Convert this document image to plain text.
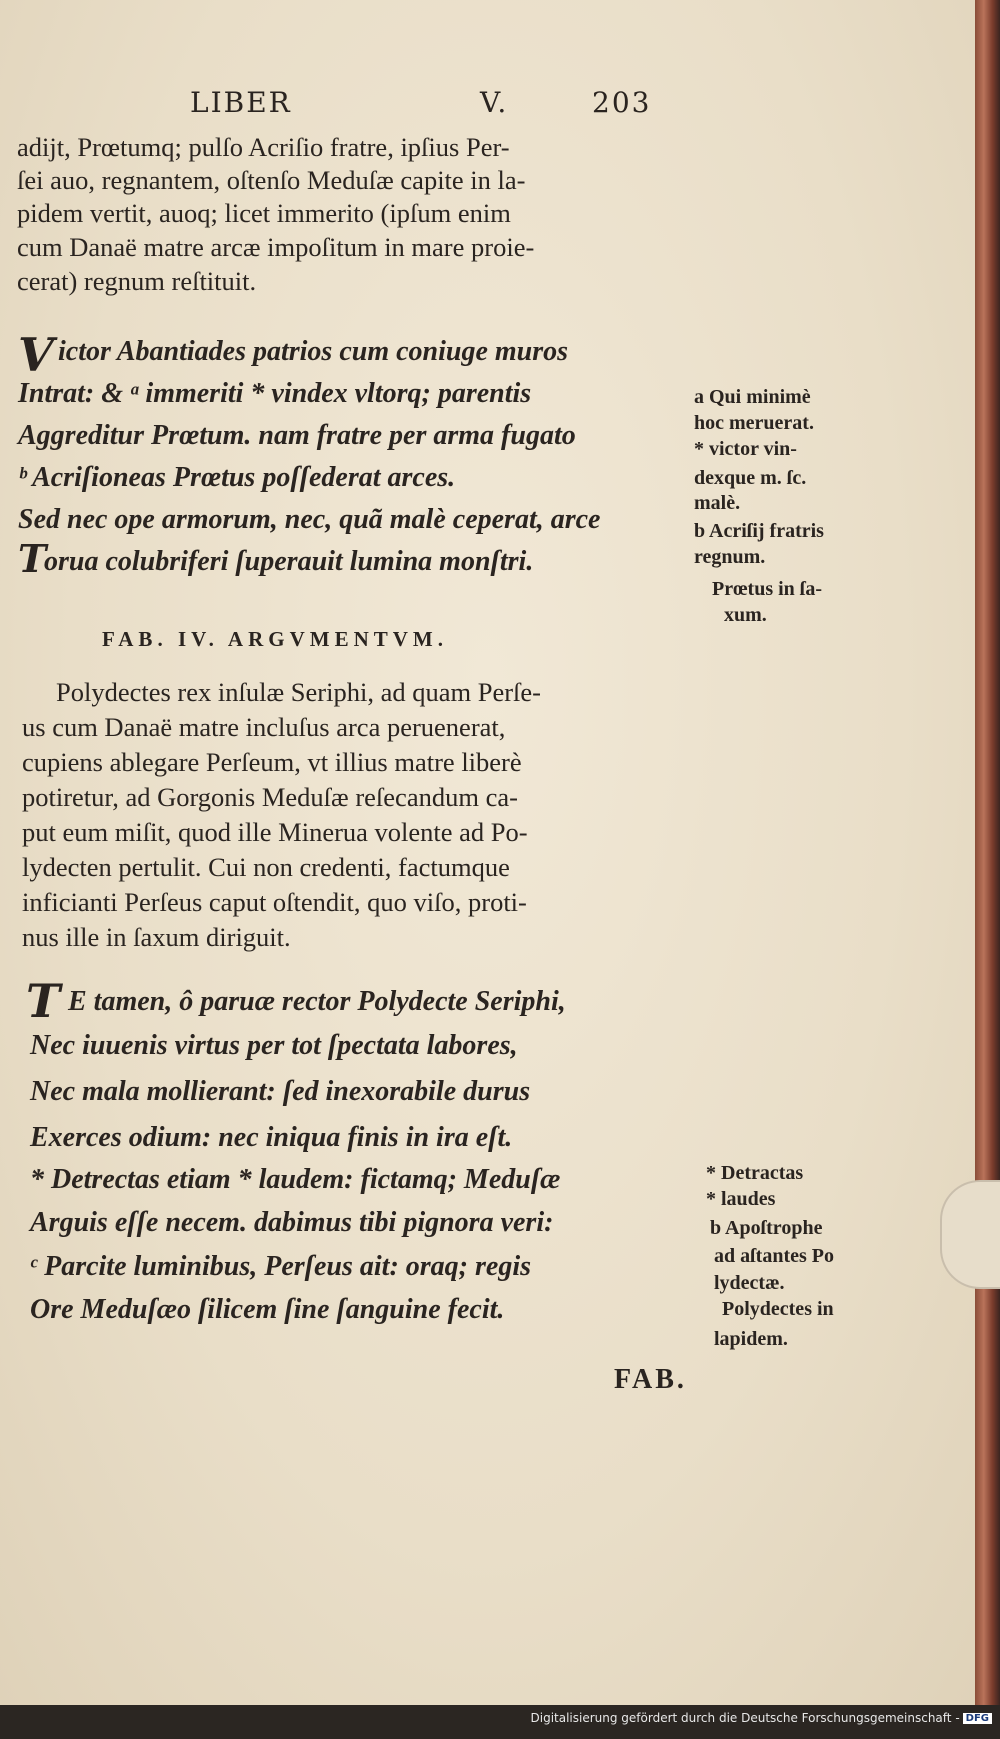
LIBER	V.	203
adijt, Prœtumq; pulſo Acriſio fratre, ipſius Per-
ſei auo, regnantem, oſtenſo Meduſæ capite in la-
pidem vertit, auoq; licet immerito (ipſum enim
cum Danaë matre arcæ impoſitum in mare proie-
cerat) regnum reſtituit.
V ictor Abantiades patrios cum coniuge muros
Intrat: & ᵃ immeriti * vindex vltorq; parentis
Aggreditur Prœtum. nam fratre per arma fugato
ᵇ Acriſioneas Prœtus poſſederat arces.
Sed nec ope armorum, nec, quã malè ceperat, arce
T
orua colubriferi ſuperauit lumina monſtri.
a Qui minimè
hoc meruerat.
* victor vin-
dexque m. ſc.
malè.
b Acriſij fratris
regnum.
Prœtus in ſa-
xum.
FAB. IV. ARGVMENTVM.
Polydectes rex inſulæ Seriphi, ad quam Perſe-
us cum Danaë matre incluſus arca peruenerat,
cupiens ablegare Perſeum, vt illius matre liberè
potiretur, ad Gorgonis Meduſæ reſecandum ca-
put eum miſit, quod ille Minerua volente ad Po-
lydecten pertulit. Cui non credenti, factumque
inficianti Perſeus caput oſtendit, quo viſo, proti-
nus ille in ſaxum diriguit.
T E tamen, ô paruæ rector Polydecte Seriphi,
Nec iuuenis virtus per tot ſpectata labores,
Nec mala mollierant: ſed inexorabile durus
Exerces odium: nec iniqua finis in ira eſt.
* Detrectas etiam * laudem: fictamq; Meduſæ
Arguis eſſe necem. dabimus tibi pignora veri:
ᶜ Parcite luminibus, Perſeus ait: oraq; regis
Ore Meduſæo ſilicem ſine ſanguine fecit.
* Detractas
* laudes
b Apoſtrophe
ad aſtantes Po
lydectæ.
Polydectes in
lapidem.
FAB.
Digitalisierung gefördert durch die Deutsche Forschungsgemeinschaft - DFG
